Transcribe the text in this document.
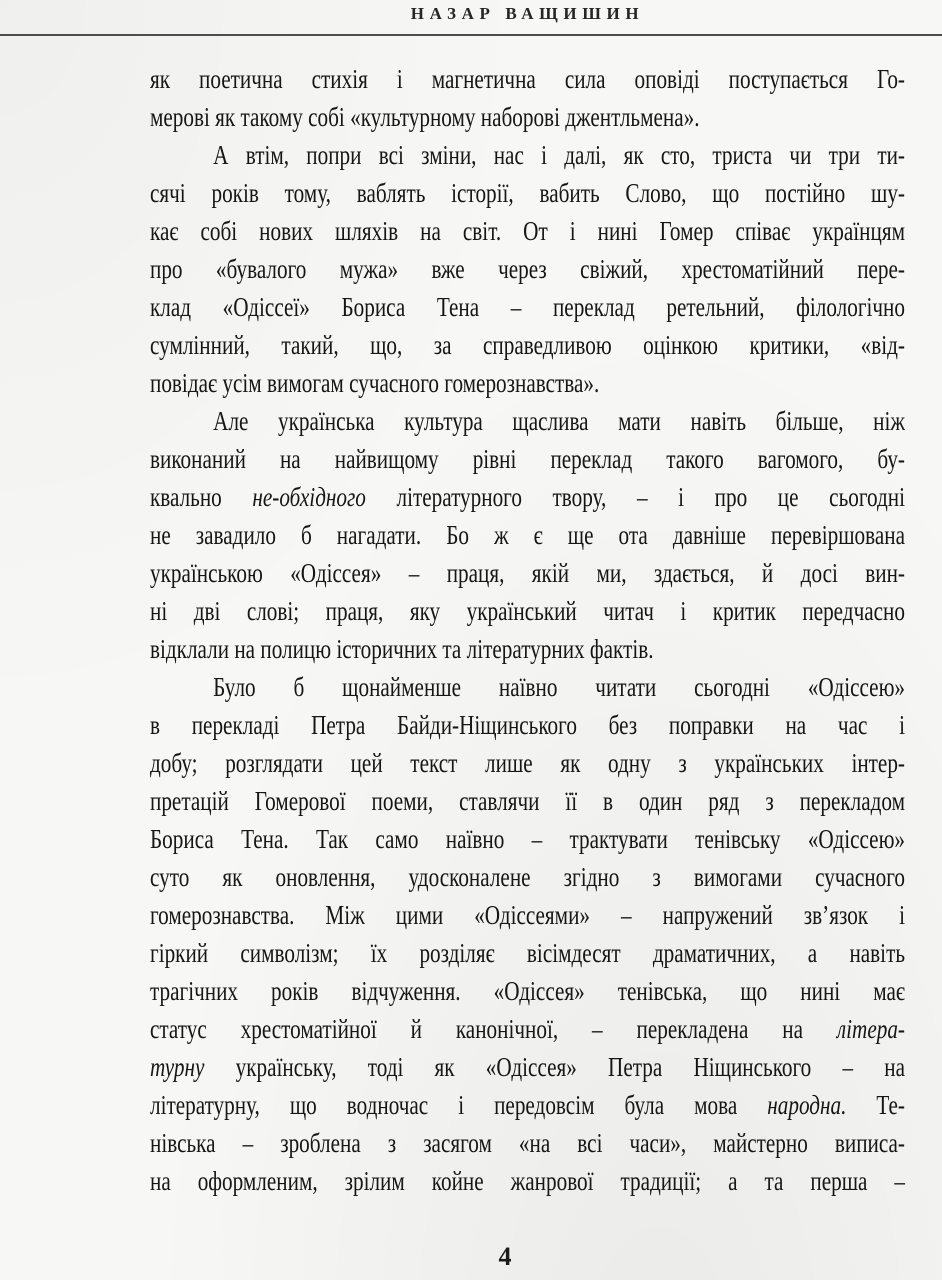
НАЗАР ВАЩИШИН
як поетична стихія і магнетична сила оповіді поступається Го-
мерові як такому собі «культурному наборові джентльмена».
А втім, попри всі зміни, нас і далі, як сто, триста чи три ти-
сячі років тому, ваблять історії, вабить Слово, що постійно шу-
кає собі нових шляхів на світ. От і нині Гомер співає українцям
про «бувалого мужа» вже через свіжий, хрестоматійний пере-
клад «Одіссеї» Бориса Тена – переклад ретельний, філологічно
сумлінний, такий, що, за справедливою оцінкою критики, «від-
повідає усім вимогам сучасного гомерознавства».
Але українська культура щаслива мати навіть більше, ніж
виконаний на найвищому рівні переклад такого вагомого, бу-
квально не-обхідного літературного твору, – і про це сьогодні
не завадило б нагадати. Бо ж є ще ота давніше перевіршована
українською «Одіссея» – праця, якій ми, здається, й досі вин-
ні дві слові; праця, яку український читач і критик передчасно
відклали на полицю історичних та літературних фактів.
Було б щонайменше наївно читати сьогодні «Одіссею»
в перекладі Петра Байди-Ніщинського без поправки на час і
добу; розглядати цей текст лише як одну з українських інтер-
претацій Гомерової поеми, ставлячи її в один ряд з перекладом
Бориса Тена. Так само наївно – трактувати тенівську «Одіссею»
суто як оновлення, удосконалене згідно з вимогами сучасного
гомерознавства. Між цими «Одіссеями» – напружений зв’язок і
гіркий символізм; їх розділяє вісімдесят драматичних, а навіть
трагічних років відчуження. «Одіссея» тенівська, що нині має
статус хрестоматійної й канонічної, – перекладена на літера-
турну українську, тоді як «Одіссея» Петра Ніщинського – на
літературну, що водночас і передовсім була мова народна. Те-
нівська – зроблена з засягом «на всі часи», майстерно виписа-
на оформленим, зрілим койне жанрової традиції; а та перша –
4
